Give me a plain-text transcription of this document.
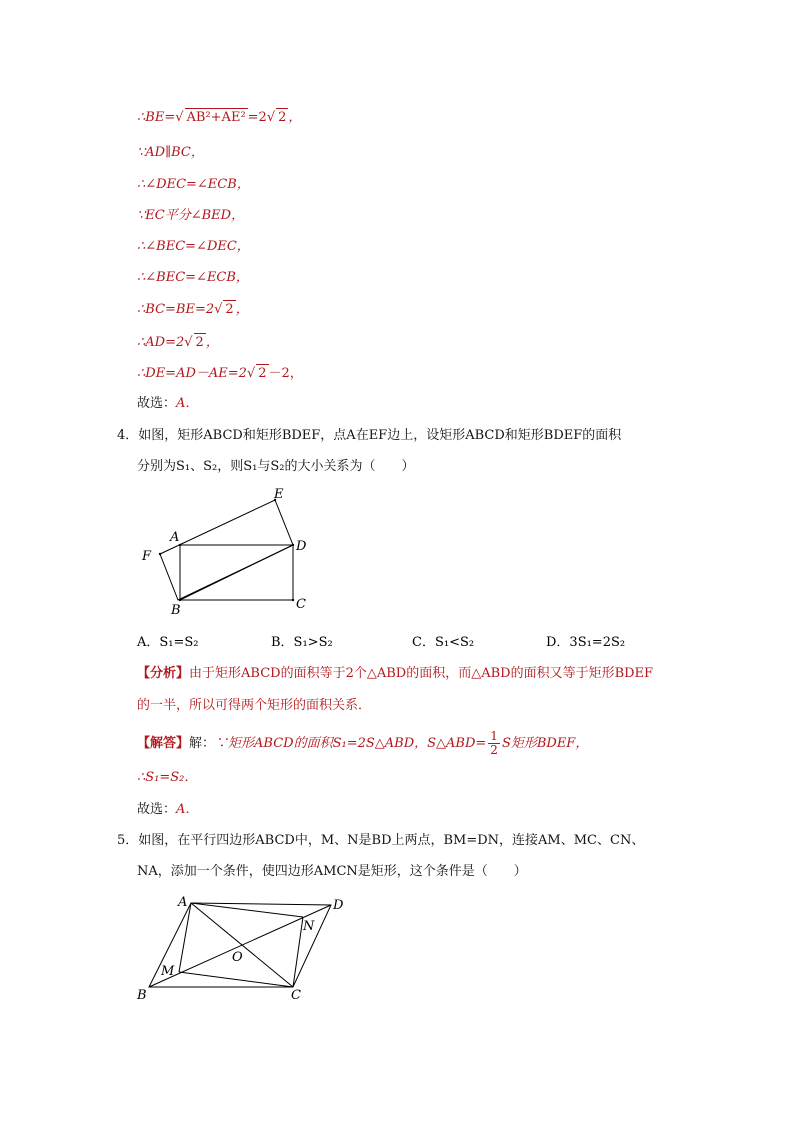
∴BE=√ AB²+AE² =2√ 2 ，
∵AD∥BC，
∴∠DEC=∠ECB，
∵EC平分∠BED，
∴∠BEC=∠DEC，
∴∠BEC=∠ECB，
∴BC=BE=2√ 2 ，
∴AD=2√ 2 ，
∴DE=AD－AE=2√ 2 －2，
故选：A．
4．如图，矩形ABCD和矩形BDEF，点A在EF边上，设矩形ABCD和矩形BDEF的面积
分别为S₁、S₂，则S₁与S₂的大小关系为（　　）
A
B	C
D
E
F
A．S₁=S₂	B．S₁>S₂	C．S₁<S₂	D．3S₁=2S₂
【分析】由于矩形ABCD的面积等于2个△ABD的面积，而△ABD的面积又等于矩形BDEF
的一半，所以可得两个矩形的面积关系．
【解答】解：∵矩形ABCD的面积S₁=2S△ABD，S△ABD= $\frac{1}{2}$ S矩形BDEF，
∴S₁=S₂．
故选：A．
5．如图，在平行四边形ABCD中，M、N是BD上两点，BM=DN，连接AM、MC、CN、
NA，添加一个条件，使四边形AMCN是矩形，这个条件是（　　）
A
B	C
D
M
N
O
